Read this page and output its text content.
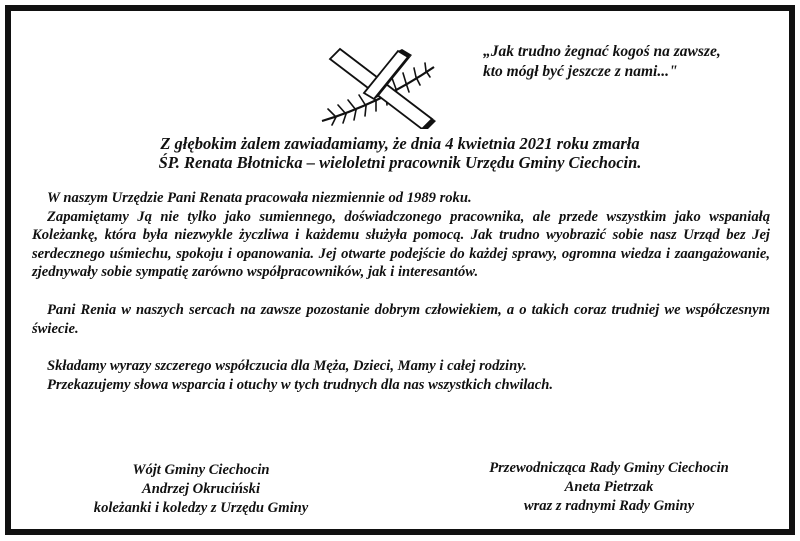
„Jak trudno żegnać kogoś na zawsze,
kto mógł być jeszcze z nami..."
Z głębokim żalem zawiadamiamy, że dnia 4 kwietnia 2021 roku zmarła
ŚP. Renata Błotnicka – wieloletni pracownik Urzędu Gminy Ciechocin.

W naszym Urzędzie Pani Renata pracowała niezmiennie od 1989 roku.

Zapamiętamy Ją nie tylko jako sumiennego, doświadczonego pracownika, ale przede wszystkim jako wspaniałą Koleżankę, która była niezwykle życzliwa i każdemu służyła pomocą. Jak trudno wyobrazić sobie nasz Urząd bez Jej serdecznego uśmiechu, spokoju i opanowania. Jej otwarte podejście do każdej sprawy, ogromna wiedza i zaangażowanie, zjednywały sobie sympatię zarówno współpracowników, jak i interesantów.

Pani Renia w naszych sercach na zawsze pozostanie dobrym człowiekiem, a o takich coraz trudniej we współczesnym świecie.

Składamy wyrazy szczerego współczucia dla Męża, Dzieci, Mamy i całej rodziny.

Przekazujemy słowa wsparcia i otuchy w tych trudnych dla nas wszystkich chwilach.

Wójt Gminy Ciechocin
Andrzej Okruciński
koleżanki i koledzy z Urzędu Gminy
Przewodnicząca Rady Gminy Ciechocin
Aneta Pietrzak
wraz z radnymi Rady Gminy
